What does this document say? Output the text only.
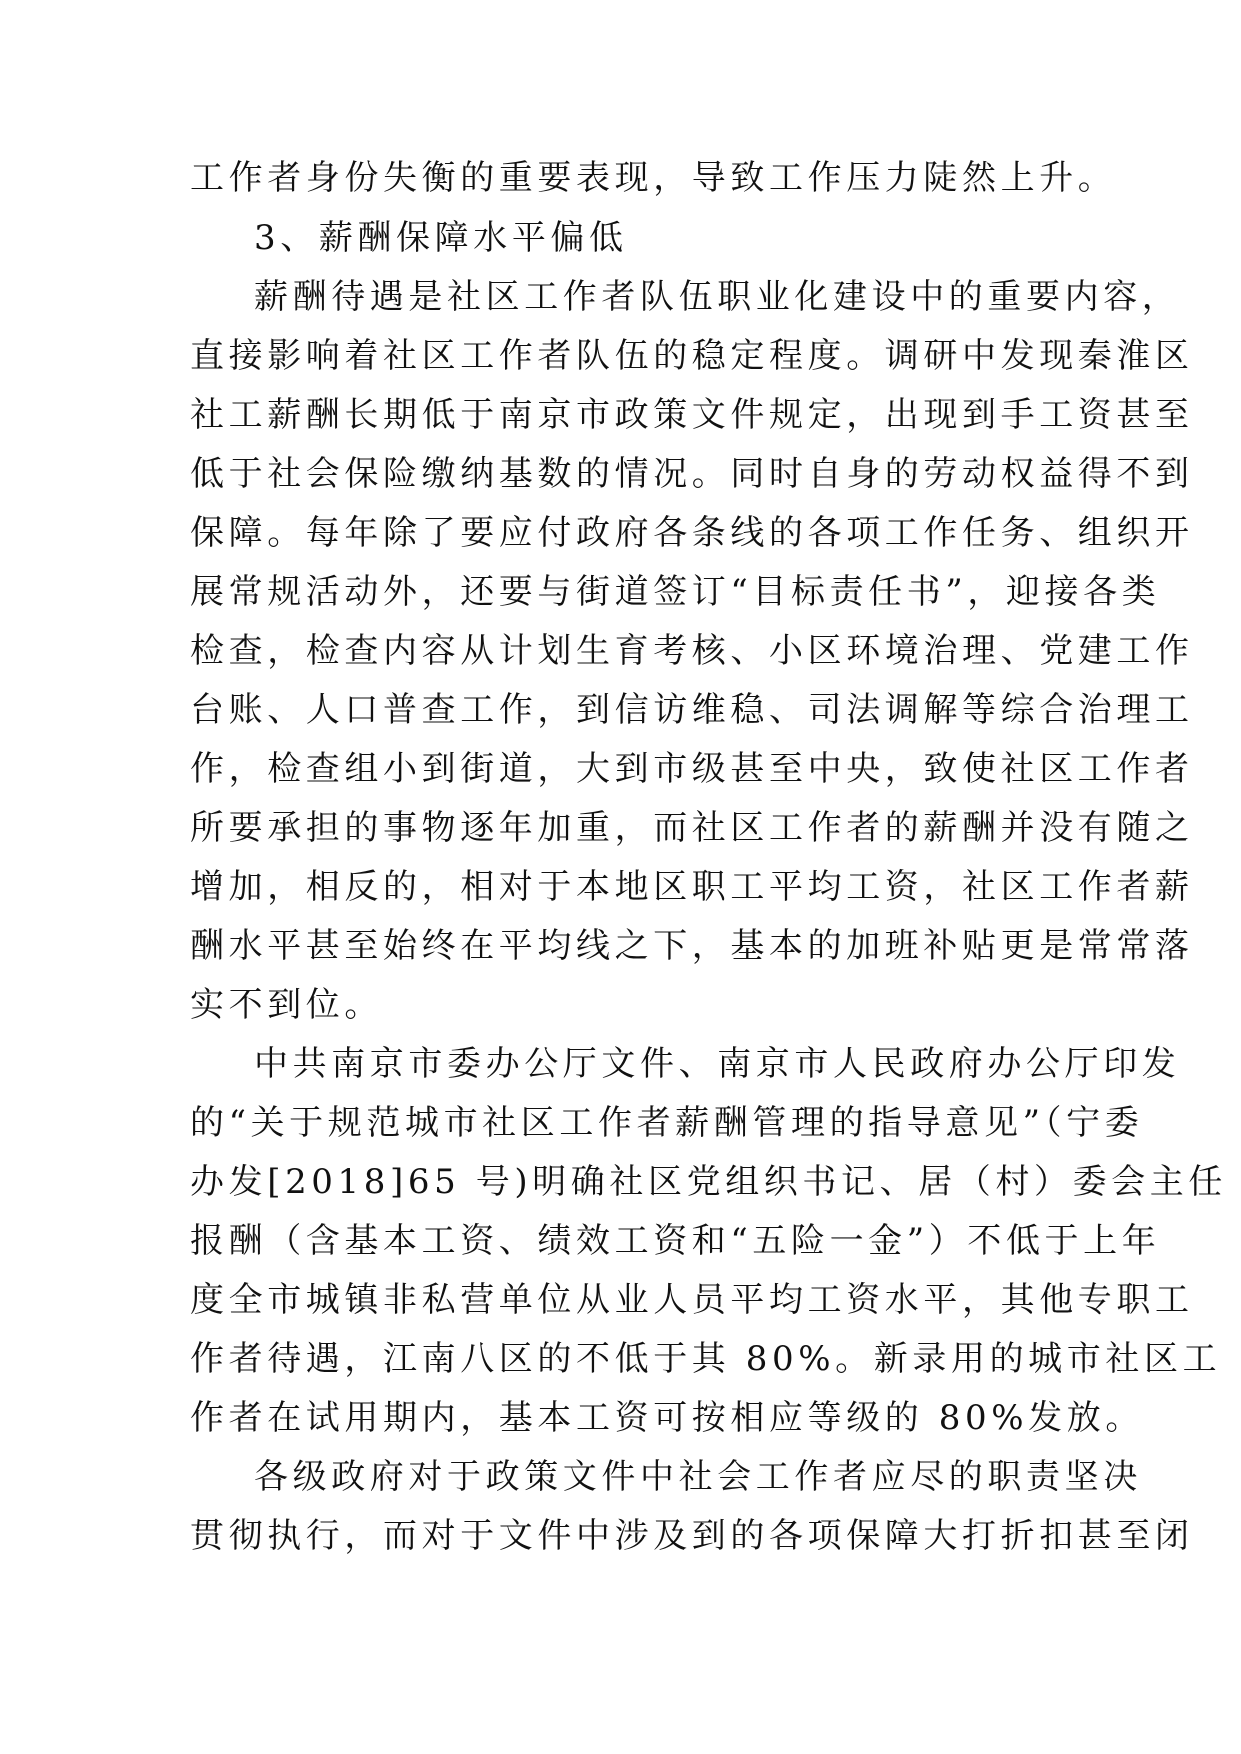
工作者身份失衡的重要表现，导致工作压力陡然上升。
3、薪酬保障水平偏低
薪酬待遇是社区工作者队伍职业化建设中的重要内容，
直接影响着社区工作者队伍的稳定程度。调研中发现秦淮区
社工薪酬长期低于南京市政策文件规定，出现到手工资甚至
低于社会保险缴纳基数的情况。同时自身的劳动权益得不到
保障。每年除了要应付政府各条线的各项工作任务、组织开
展常规活动外，还要与街道签订“目标责任书”，迎接各类
检查，检查内容从计划生育考核、小区环境治理、党建工作
台账、人口普查工作，到信访维稳、司法调解等综合治理工
作，检查组小到街道，大到市级甚至中央，致使社区工作者
所要承担的事物逐年加重，而社区工作者的薪酬并没有随之
增加，相反的，相对于本地区职工平均工资，社区工作者薪
酬水平甚至始终在平均线之下，基本的加班补贴更是常常落
实不到位。
中共南京市委办公厅文件、南京市人民政府办公厅印发
的“关于规范城市社区工作者薪酬管理的指导意见”（宁委
办发[2018]65 号)明确社区党组织书记、居（村）委会主任
报酬（含基本工资、绩效工资和“五险一金”）不低于上年
度全市城镇非私营单位从业人员平均工资水平，其他专职工
作者待遇，江南八区的不低于其 80%。新录用的城市社区工
作者在试用期内，基本工资可按相应等级的 80%发放。
各级政府对于政策文件中社会工作者应尽的职责坚决
贯彻执行，而对于文件中涉及到的各项保障大打折扣甚至闭
